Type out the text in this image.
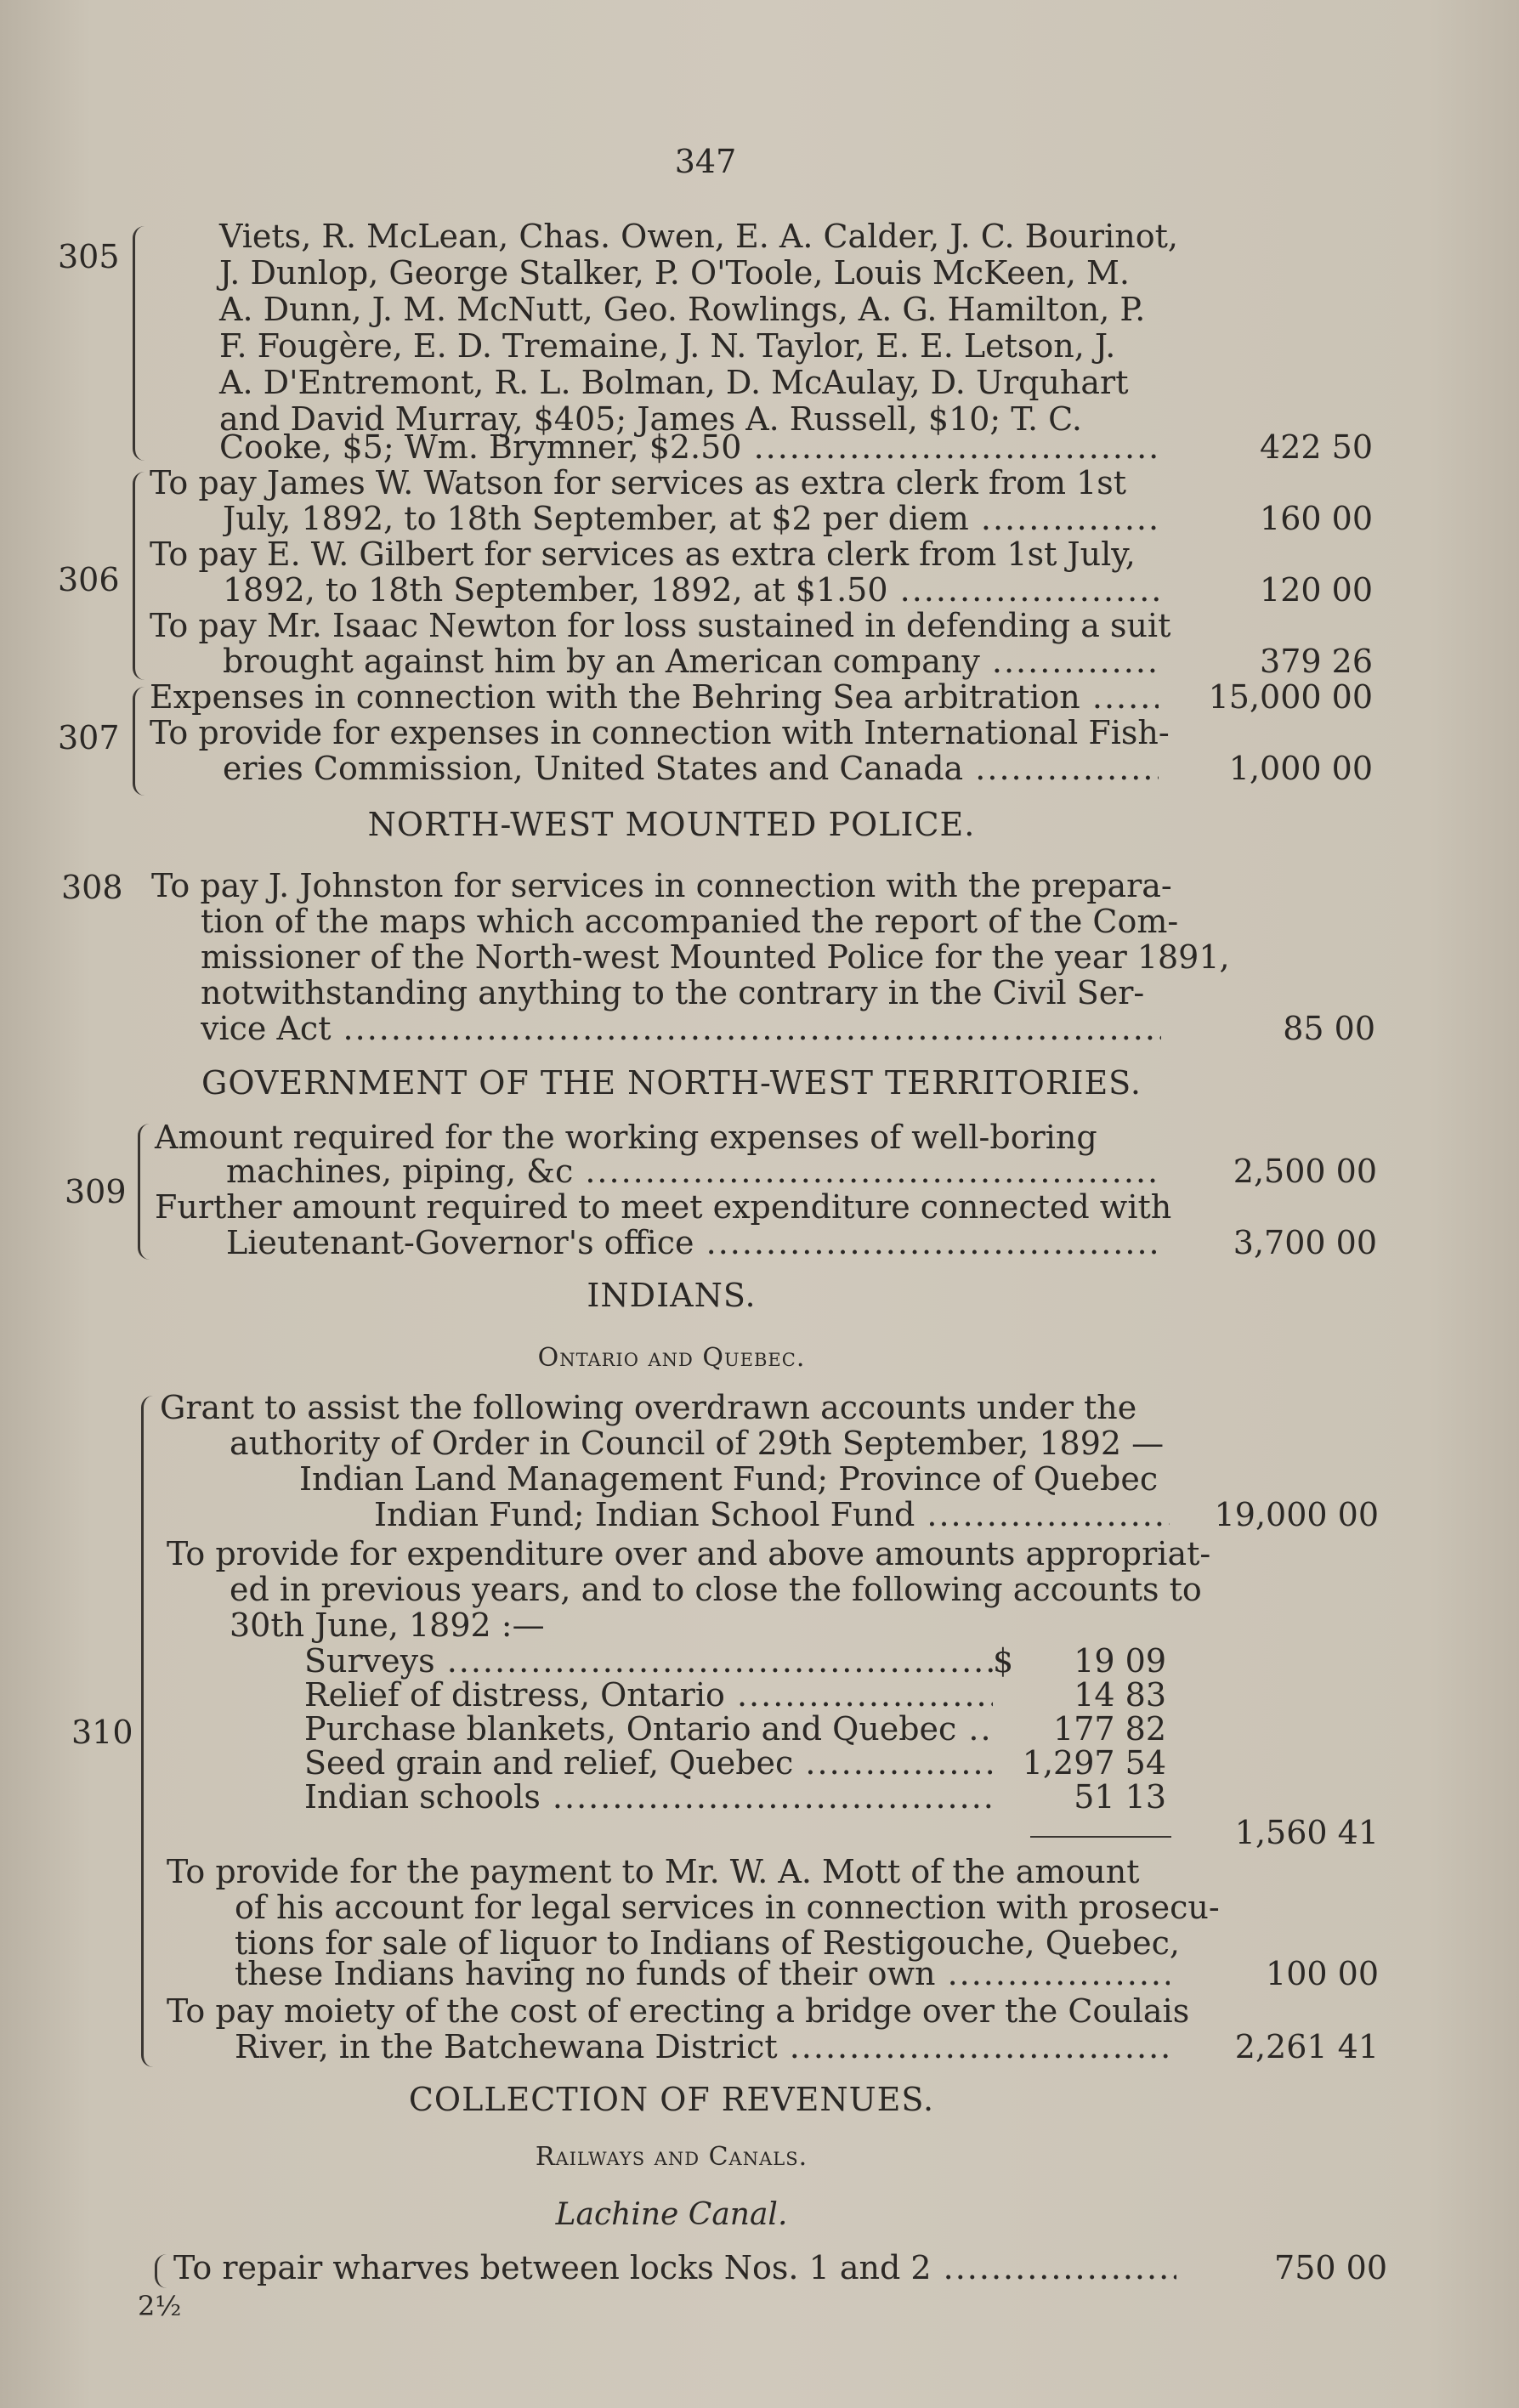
347
305
Viets, R. McLean, Chas. Owen, E. A. Calder, J. C. Bourinot,
J. Dunlop, George Stalker, P. O'Toole, Louis McKeen, M.
A. Dunn, J. M. McNutt, Geo. Rowlings, A. G. Hamilton, P.
F. Fougère, E. D. Tremaine, J. N. Taylor, E. E. Letson, J.
A. D'Entremont, R. L. Bolman, D. McAulay, D. Urquhart
and David Murray, $405; James A. Russell, $10; T. C.
Cooke, $5; Wm. Brymner, $2.50 .....	422 50
306
To pay James W. Watson for services as extra clerk from 1st
July, 1892, to 18th September, at $2 per diem .....	160 00
To pay E. W. Gilbert for services as extra clerk from 1st July,
1892, to 18th September, 1892, at $1.50 .....	120 00
To pay Mr. Isaac Newton for loss sustained in defending a suit
brought against him by an American company .....	379 26
307
Expenses in connection with the Behring Sea arbitration .....	15,000 00
To provide for expenses in connection with International Fish-
eries Commission, United States and Canada .....	1,000 00
NORTH-WEST MOUNTED POLICE.
308 To pay J. Johnston for services in connection with the prepara-
tion of the maps which accompanied the report of the Com-
missioner of the North-west Mounted Police for the year 1891,
notwithstanding anything to the contrary in the Civil Ser-
vice Act .....	85 00
GOVERNMENT OF THE NORTH-WEST TERRITORIES.
309
Amount required for the working expenses of well-boring
machines, piping, &c .....	2,500 00
Further amount required to meet expenditure connected with
Lieutenant-Governor's office .....	3,700 00
INDIANS.
Ontario and Quebec.
310
Grant to assist the following overdrawn accounts under the
authority of Order in Council of 29th September, 1892 —
Indian Land Management Fund; Province of Quebec
Indian Fund; Indian School Fund .....	19,000 00
To provide for expenditure over and above amounts appropriat-
ed in previous years, and to close the following accounts to
30th June, 1892 :—
Surveys .....	$	19 09
Relief of distress, Ontario .....	14 83
Purchase blankets, Ontario and Quebec .....	177 82
Seed grain and relief, Quebec .....	1,297 54
Indian schools .....	51 13
1,560 41
To provide for the payment to Mr. W. A. Mott of the amount
of his account for legal services in connection with prosecu-
tions for sale of liquor to Indians of Restigouche, Quebec,
these Indians having no funds of their own .....	100 00
To pay moiety of the cost of erecting a bridge over the Coulais
River, in the Batchewana District .....	2,261 41
COLLECTION OF REVENUES.
Railways and Canals.
Lachine Canal.
To repair wharves between locks Nos. 1 and 2 .....	750 00
2½
